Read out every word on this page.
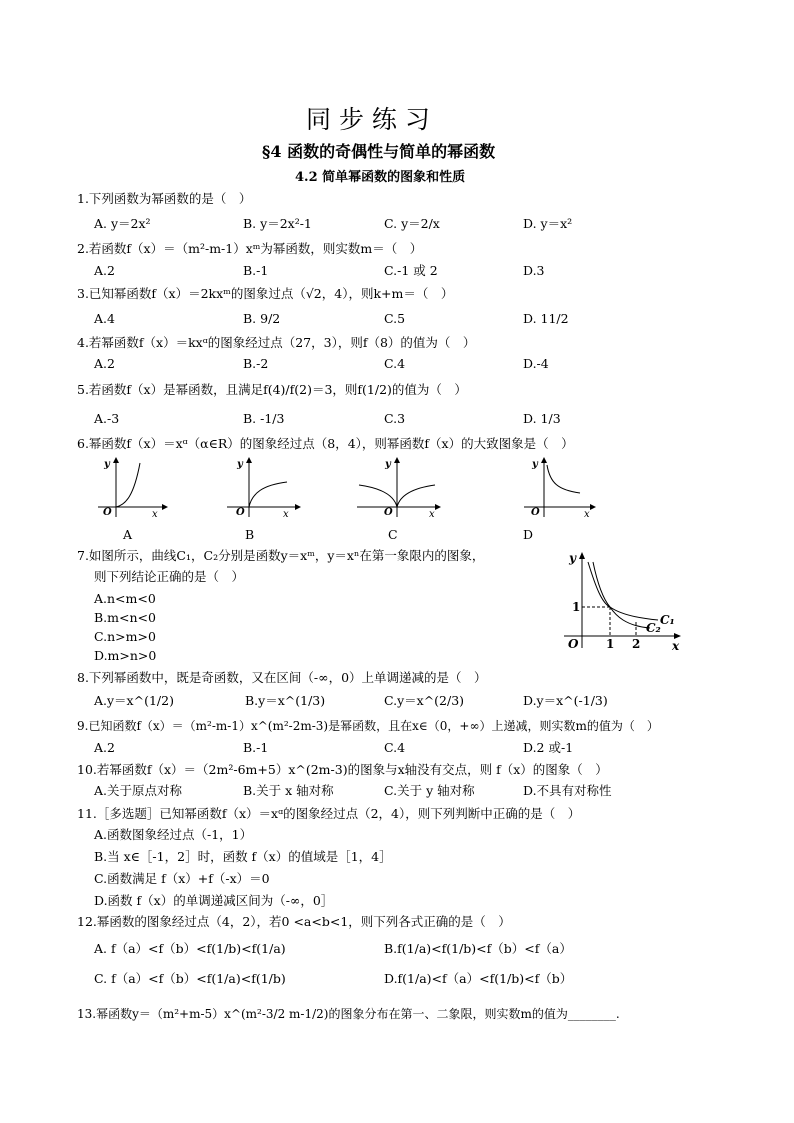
同 步 练 习
§4 函数的奇偶性与简单的幂函数
4.2 简单幂函数的图象和性质
1.下列函数为幂函数的是（　）
A. y＝2x²	B. y＝2x²-1	C. y＝2/x	D. y＝x²
2.若函数f（x）＝（m²-m-1）xᵐ为幂函数，则实数m＝（　）
A.2	B.-1	C.-1 或 2	D.3
3.已知幂函数f（x）＝2kxᵐ的图象过点（√2，4），则k+m＝（　）
A.4	B. 9/2	C.5	D. 11/2
4.若幂函数f（x）＝kxᵅ的图象经过点（27，3），则f（8）的值为（　）
A.2	B.-2	C.4	D.-4
5.若函数f（x）是幂函数，且满足f(4)/f(2)＝3，则f(1/2)的值为（　）
A.-3	B. -1/3	C.3	D. 1/3
6.幂函数f（x）＝xᵅ（α∈R）的图象经过点（8，4），则幂函数f（x）的大致图象是（　）
y
O	x
A
y
O	x
B
y
O	x
C
y
O	x
D
7.如图所示，曲线C₁，C₂分别是函数y＝xᵐ，y＝xⁿ在第一象限内的图象，
则下列结论正确的是（　）
A.n<m<0
B.m<n<0
C.n>m>0
D.m>n>0
y
x
O
1
1 2
C₁
C₂
8.下列幂函数中，既是奇函数，又在区间（-∞，0）上单调递减的是（　）
A.y＝x^(1/2)	B.y＝x^(1/3)	C.y＝x^(2/3)	D.y＝x^(-1/3)
9.已知函数f（x）＝（m²-m-1）x^(m²-2m-3)是幂函数，且在x∈（0，+∞）上递减，则实数m的值为（　）
A.2	B.-1	C.4	D.2 或-1
10.若幂函数f（x）＝（2m²-6m+5）x^(2m-3)的图象与x轴没有交点，则 f（x）的图象（　）
A.关于原点对称	B.关于 x 轴对称	C.关于 y 轴对称	D.不具有对称性
11.［多选题］已知幂函数f（x）＝xᵅ的图象经过点（2，4），则下列判断中正确的是（　）
A.函数图象经过点（-1，1）
B.当 x∈［-1，2］时，函数 f（x）的值域是［1，4］
C.函数满足 f（x）+f（-x）＝0
D.函数 f（x）的单调递减区间为（-∞，0］
12.幂函数的图象经过点（4，2），若0 <a<b<1，则下列各式正确的是（　）
A. f（a）<f（b）<f(1/b)<f(1/a)	B.f(1/a)<f(1/b)<f（b）<f（a）
C. f（a）<f（b）<f(1/a)<f(1/b)	D.f(1/a)<f（a）<f(1/b)<f（b）
13.幂函数y＝（m²+m-5）x^(m²-3/2 m-1/2)的图象分布在第一、二象限，则实数m的值为________.
